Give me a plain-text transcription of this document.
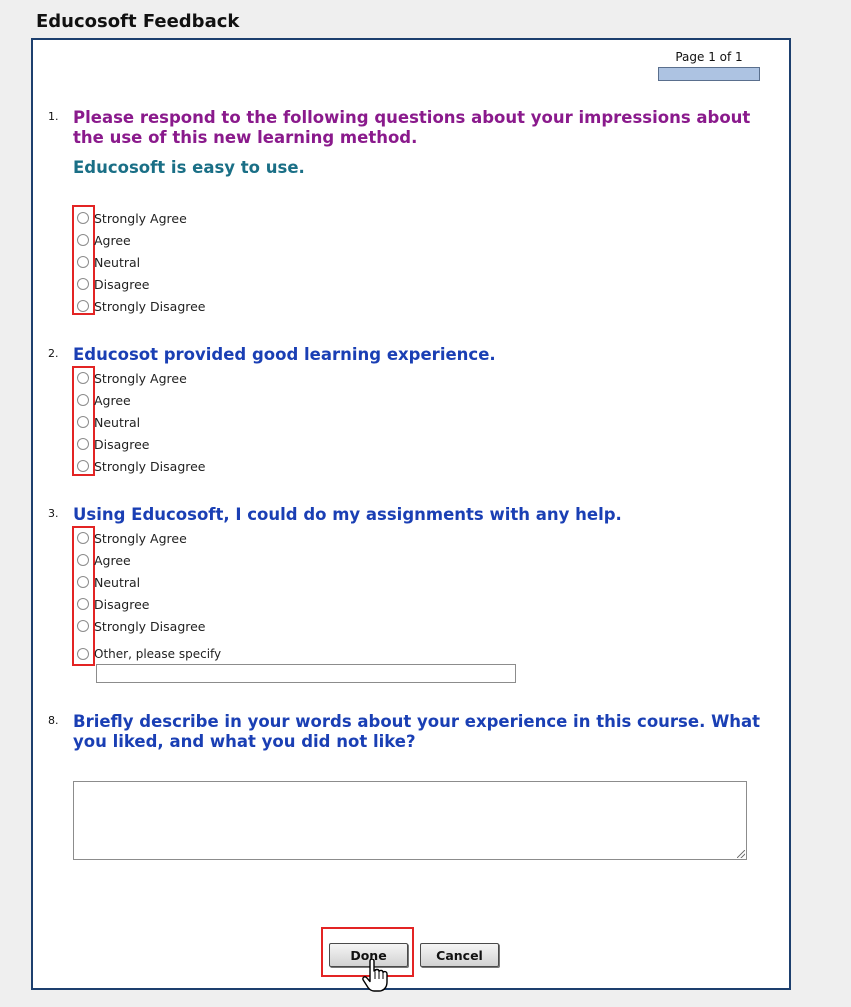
Educosoft Feedback
Page 1 of 1
1. Please respond to the following questions about your impressions about the use of this new learning method.
Educosoft is easy to use.
Strongly Agree
Agree
Neutral
Disagree
Strongly Disagree
2. Educosot provided good learning experience.
Strongly Agree
Agree
Neutral
Disagree
Strongly Disagree
3. Using Educosoft, I could do my assignments with any help.
Strongly Agree
Agree
Neutral
Disagree
Strongly Disagree
Other, please specify
8. Briefly describe in your words about your experience in this course. What you liked, and what you did not like?
Done	Cancel
